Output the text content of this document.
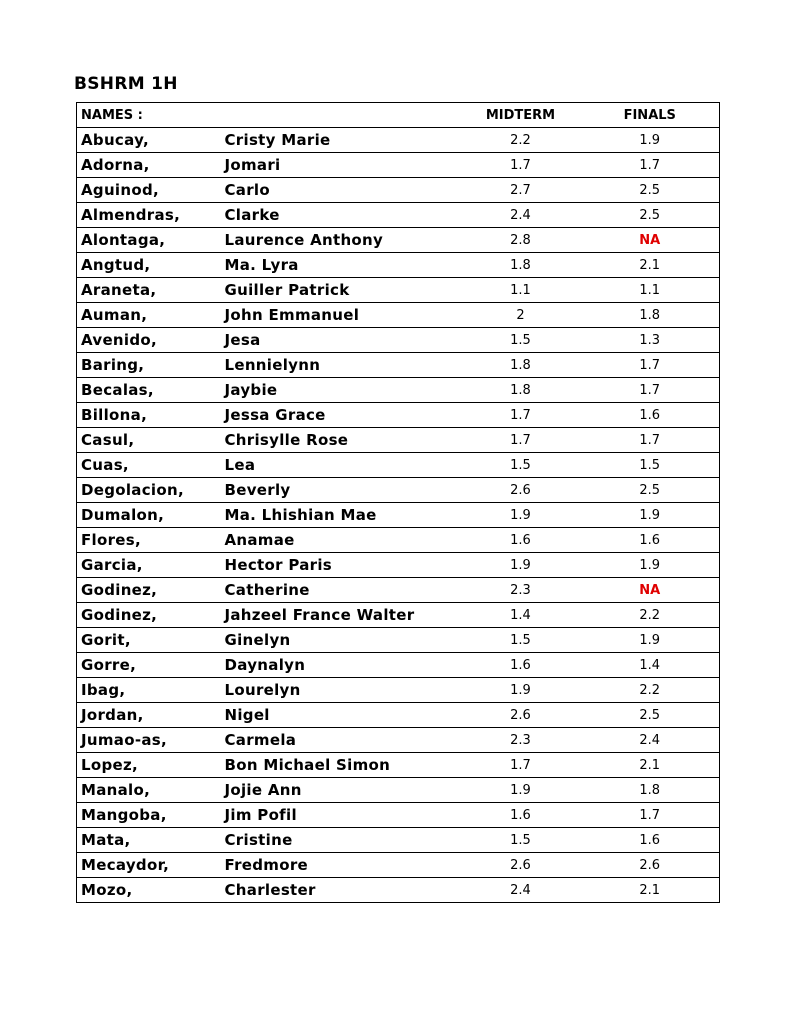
BSHRM 1H
NAMES :		MIDTERM	FINALS
Abucay,	Cristy Marie	2.2	1.9
Adorna,	Jomari	1.7	1.7
Aguinod,	Carlo	2.7	2.5
Almendras,	Clarke	2.4	2.5
Alontaga,	Laurence Anthony	2.8	NA
Angtud,	Ma. Lyra	1.8	2.1
Araneta,	Guiller Patrick	1.1	1.1
Auman,	John Emmanuel	2	1.8
Avenido,	Jesa	1.5	1.3
Baring,	Lennielynn	1.8	1.7
Becalas,	Jaybie	1.8	1.7
Billona,	Jessa Grace	1.7	1.6
Casul,	Chrisylle Rose	1.7	1.7
Cuas,	Lea	1.5	1.5
Degolacion,	Beverly	2.6	2.5
Dumalon,	Ma. Lhishian Mae	1.9	1.9
Flores,	Anamae	1.6	1.6
Garcia,	Hector Paris	1.9	1.9
Godinez,	Catherine	2.3	NA
Godinez,	Jahzeel France Walter	1.4	2.2
Gorit,	Ginelyn	1.5	1.9
Gorre,	Daynalyn	1.6	1.4
Ibag,	Lourelyn	1.9	2.2
Jordan,	Nigel	2.6	2.5
Jumao-as,	Carmela	2.3	2.4
Lopez,	Bon Michael Simon	1.7	2.1
Manalo,	Jojie Ann	1.9	1.8
Mangoba,	Jim Pofil	1.6	1.7
Mata,	Cristine	1.5	1.6
Mecaydor,	Fredmore	2.6	2.6
Mozo,	Charlester	2.4	2.1
